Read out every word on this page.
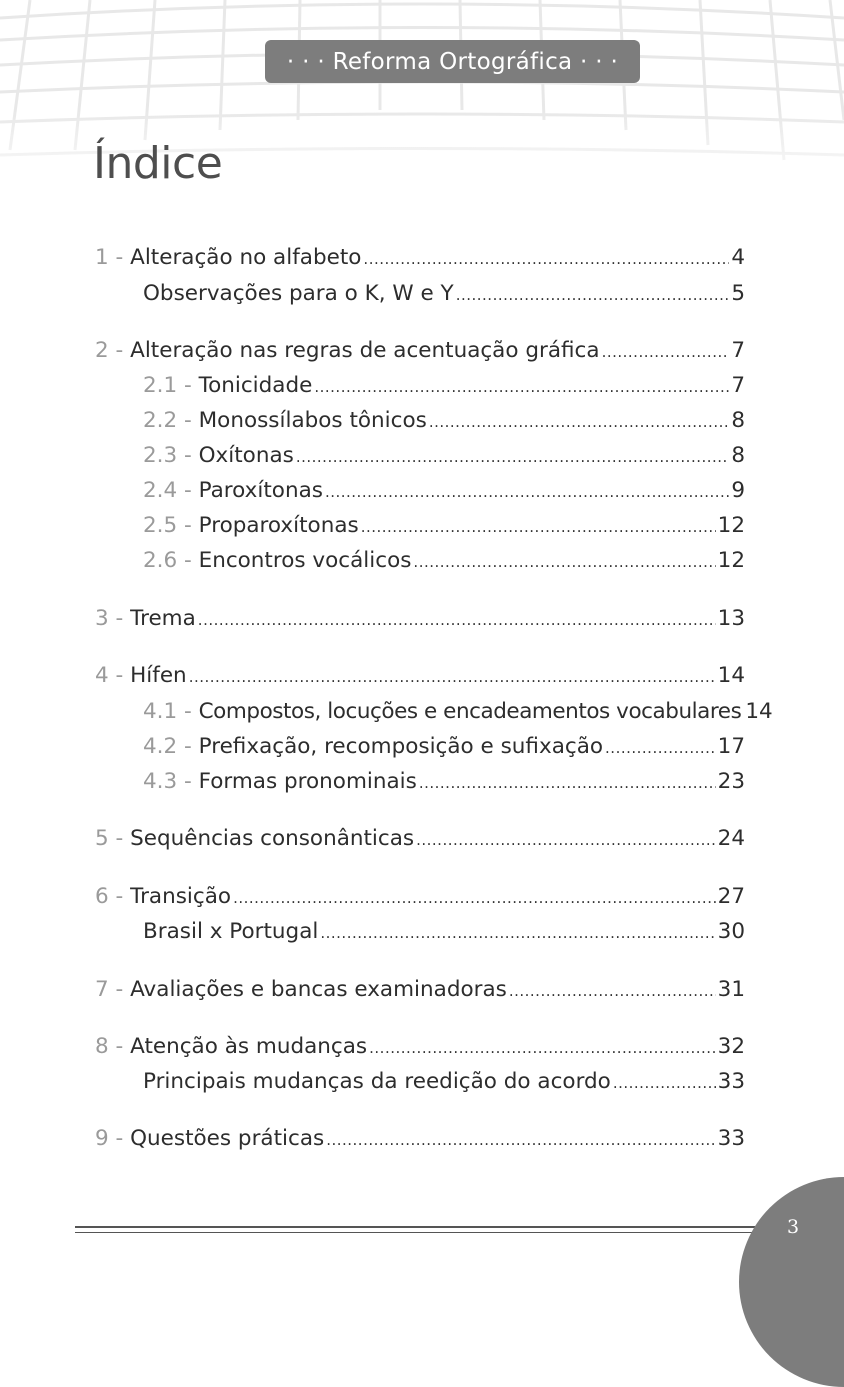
· · · Reforma Ortográfica · · ·
Índice
1 - Alteração no alfabeto .....	4
Observações para o K, W e Y .....	5
2 - Alteração nas regras de acentuação gráfica .....	7
2.1 - Tonicidade .....	7
2.2 - Monossílabos tônicos .....	8
2.3 - Oxítonas .....	8
2.4 - Paroxítonas .....	9
2.5 - Proparoxítonas .....	12
2.6 - Encontros vocálicos .....	12
3 - Trema .....	13
4 - Hífen .....	14
4.1 - Compostos, locuções e encadeamentos vocabulares 14
4.2 - Prefixação, recomposição e sufixação .....	17
4.3 - Formas pronominais .....	23
5 - Sequências consonânticas .....	24
6 - Transição .....	27
Brasil x Portugal .....	30
7 - Avaliações e bancas examinadoras .....	31
8 - Atenção às mudanças .....	32
Principais mudanças da reedição do acordo .....	33
9 - Questões práticas .....	33
3
